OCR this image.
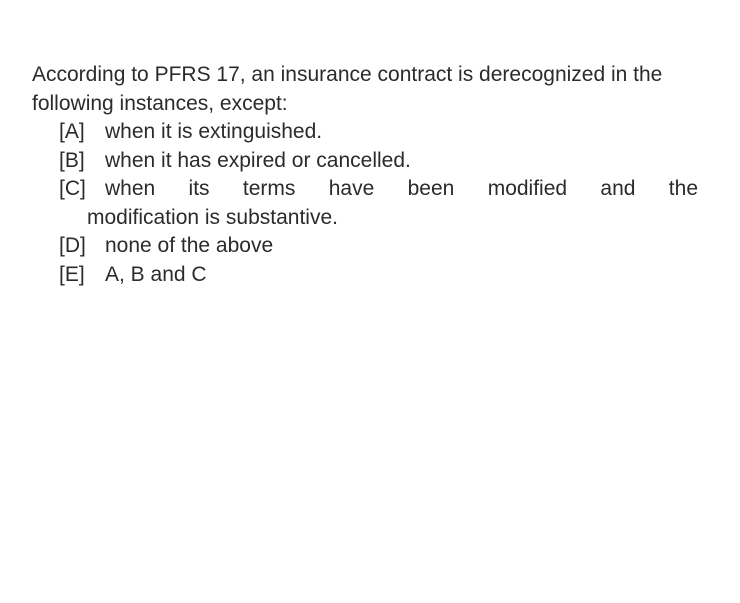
According to PFRS 17, an insurance contract is derecognized in the following instances, except:

[A] when it is extinguished.
[B] when it has expired or cancelled.
[C] when its terms have been modified and the
modification is substantive.
[D] none of the above
[E] A, B and C
